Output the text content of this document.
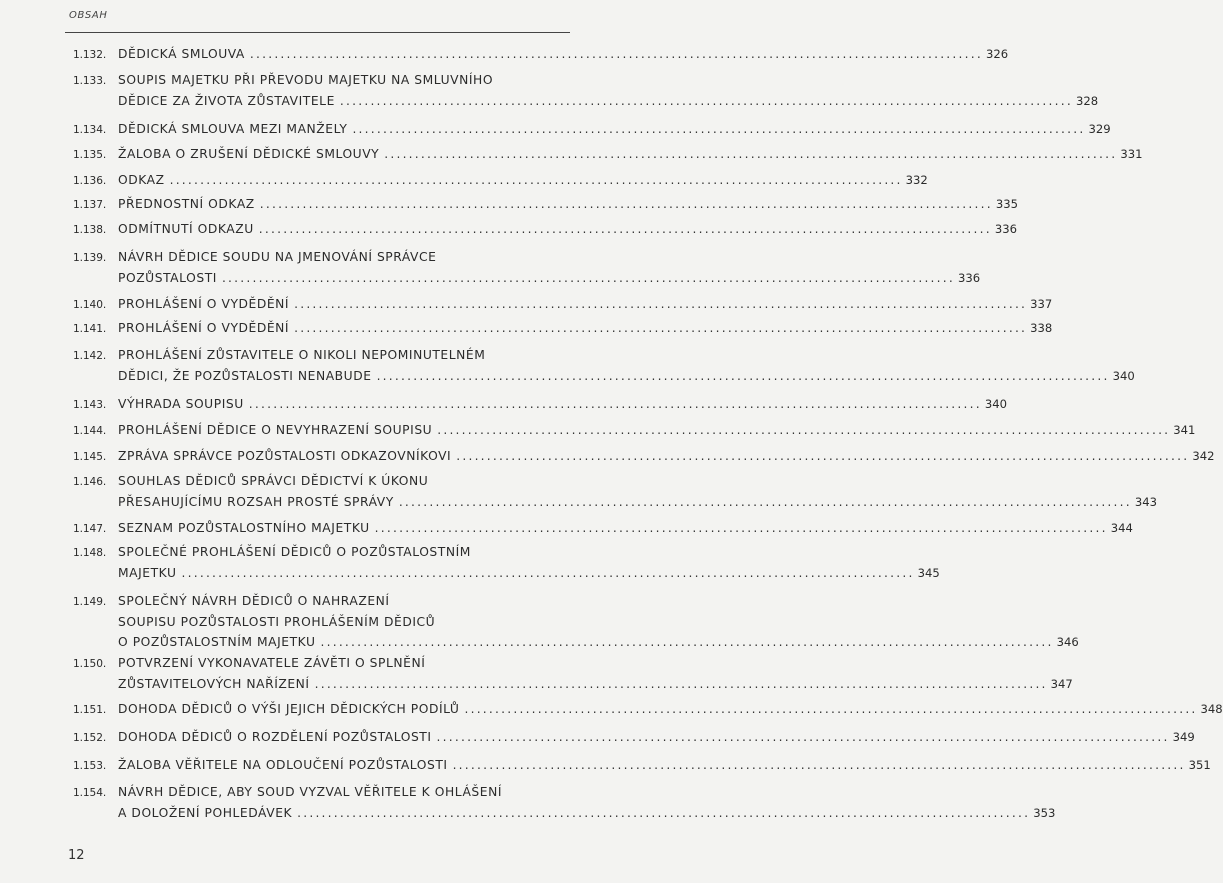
OBSAH
1.132. DĚDICKÁ SMLOUVA ........................................................................................................................ 326
1.133. SOUPIS MAJETKU PŘI PŘEVODU MAJETKU NA SMLUVNÍHO
DĚDICE ZA ŽIVOTA ZŮSTAVITELE ........................................................................................................................ 328
1.134. DĚDICKÁ SMLOUVA MEZI MANŽELY ........................................................................................................................ 329
1.135. ŽALOBA O ZRUŠENÍ DĚDICKÉ SMLOUVY ........................................................................................................................ 331
1.136. ODKAZ ........................................................................................................................ 332
1.137. PŘEDNOSTNÍ ODKAZ ........................................................................................................................ 335
1.138. ODMÍTNUTÍ ODKAZU ........................................................................................................................ 336
1.139. NÁVRH DĚDICE SOUDU NA JMENOVÁNÍ SPRÁVCE
POZŮSTALOSTI ........................................................................................................................ 336
1.140. PROHLÁŠENÍ O VYDĚDĚNÍ ........................................................................................................................ 337
1.141. PROHLÁŠENÍ O VYDĚDĚNÍ ........................................................................................................................ 338
1.142. PROHLÁŠENÍ ZŮSTAVITELE O NIKOLI NEPOMINUTELNÉM
DĚDICI, ŽE POZŮSTALOSTI NENABUDE ........................................................................................................................ 340
1.143. VÝHRADA SOUPISU ........................................................................................................................ 340
1.144. PROHLÁŠENÍ DĚDICE O NEVYHRAZENÍ SOUPISU ........................................................................................................................ 341
1.145. ZPRÁVA SPRÁVCE POZŮSTALOSTI ODKAZOVNÍKOVI ........................................................................................................................ 342
1.146. SOUHLAS DĚDICŮ SPRÁVCI DĚDICTVÍ K ÚKONU
PŘESAHUJÍCÍMU ROZSAH PROSTÉ SPRÁVY ........................................................................................................................ 343
1.147. SEZNAM POZŮSTALOSTNÍHO MAJETKU ........................................................................................................................ 344
1.148. SPOLEČNÉ PROHLÁŠENÍ DĚDICŮ O POZŮSTALOSTNÍM
MAJETKU ........................................................................................................................ 345
1.149. SPOLEČNÝ NÁVRH DĚDICŮ O NAHRAZENÍ
SOUPISU POZŮSTALOSTI PROHLÁŠENÍM DĚDICŮ
O POZŮSTALOSTNÍM MAJETKU ........................................................................................................................ 346
1.150. POTVRZENÍ VYKONAVATELE ZÁVĚTI O SPLNĚNÍ
ZŮSTAVITELOVÝCH NAŘÍZENÍ ........................................................................................................................ 347
1.151. DOHODA DĚDICŮ O VÝŠI JEJICH DĚDICKÝCH PODÍLŮ ........................................................................................................................ 348
1.152. DOHODA DĚDICŮ O ROZDĚLENÍ POZŮSTALOSTI ........................................................................................................................ 349
1.153. ŽALOBA VĚŘITELE NA ODLOUČENÍ POZŮSTALOSTI ........................................................................................................................ 351
1.154. NÁVRH DĚDICE, ABY SOUD VYZVAL VĚŘITELE K OHLÁŠENÍ
A DOLOŽENÍ POHLEDÁVEK ........................................................................................................................ 353
12
